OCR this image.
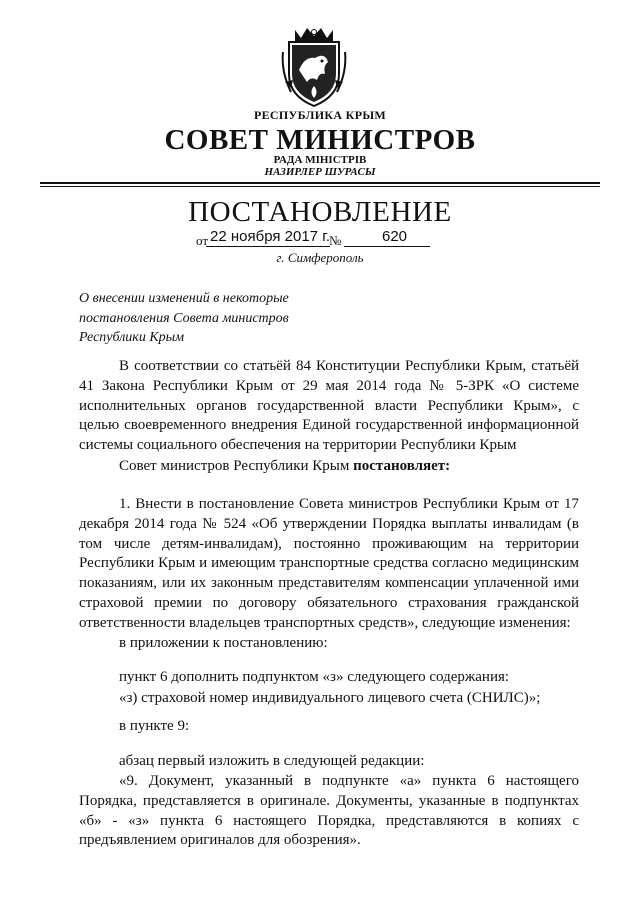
РЕСПУБЛИКА КРЫМ
СОВЕТ МИНИСТРОВ
РАДА МІНІСТРІВ
НАЗИРЛЕР ШУРАСЫ
ПОСТАНОВЛЕНИЕ
от 22 ноября 2017 г. №	620
г. Симферополь
О внесении изменений в некоторые
постановления Совета министров
Республики Крым
В соответствии со статьёй 84 Конституции Республики Крым, статьёй 41 Закона Республики Крым от 29 мая 2014 года № 5-ЗРК «О системе исполнительных органов государственной власти Республики Крым», с целью своевременного внедрения Единой государственной информационной системы социального обеспечения на территории Республики Крым
Совет министров Республики Крым постановляет:
1. Внести в постановление Совета министров Республики Крым от 17 декабря 2014 года № 524 «Об утверждении Порядка выплаты инвалидам (в том числе детям-инвалидам), постоянно проживающим на территории Республики Крым и имеющим транспортные средства согласно медицинским показаниям, или их законным представителям компенсации уплаченной ими страховой премии по договору обязательного страхования гражданской ответственности владельцев транспортных средств», следующие изменения:
в приложении к постановлению:
пункт 6 дополнить подпунктом «з» следующего содержания:
«з) страховой номер индивидуального лицевого счета (СНИЛС)»;
в пункте 9:
абзац первый изложить в следующей редакции:
«9. Документ, указанный в подпункте «а» пункта 6 настоящего Порядка, представляется в оригинале. Документы, указанные в подпунктах «б» - «з» пункта 6 настоящего Порядка, представляются в копиях с предъявлением оригиналов для обозрения».
